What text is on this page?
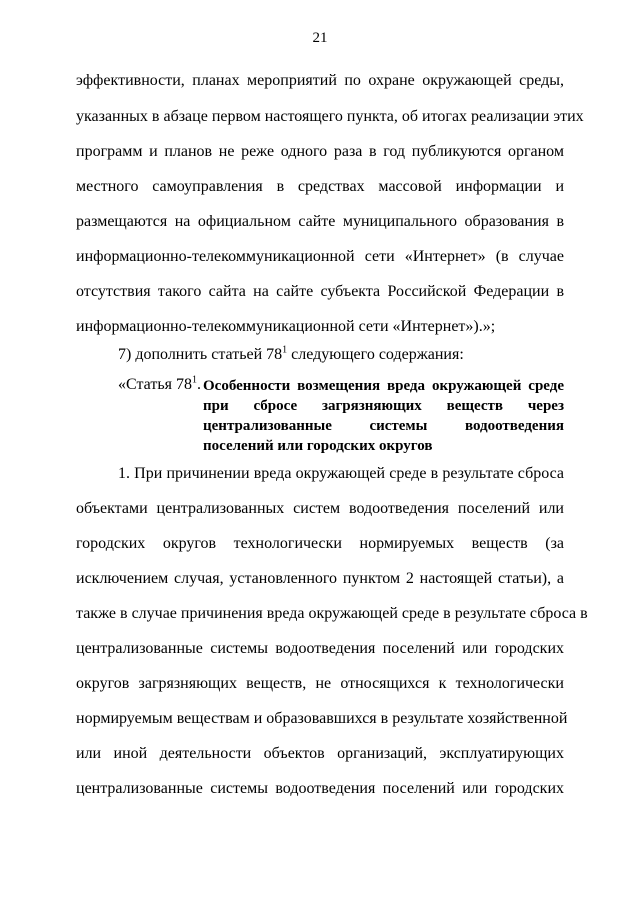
21
эффективности, планах мероприятий по охране окружающей среды,
указанных в абзаце первом настоящего пункта, об итогах реализации этих
программ и планов не реже одного раза в год публикуются органом
местного самоуправления в средствах массовой информации и
размещаются на официальном сайте муниципального образования в
информационно-телекоммуникационной сети «Интернет» (в случае
отсутствия такого сайта на сайте субъекта Российской Федерации в
информационно-телекоммуникационной сети «Интернет»).»;
7) дополнить статьей $78^1$ следующего содержания:
«Статья $78^1$. Особенности возмещения вреда окружающей среде
при сбросе загрязняющих веществ через
централизованные системы водоотведения
поселений или городских округов
1. При причинении вреда окружающей среде в результате сброса
объектами централизованных систем водоотведения поселений или
городских округов технологически нормируемых веществ (за
исключением случая, установленного пунктом 2 настоящей статьи), а
также в случае причинения вреда окружающей среде в результате сброса в
централизованные системы водоотведения поселений или городских
округов загрязняющих веществ, не относящихся к технологически
нормируемым веществам и образовавшихся в результате хозяйственной
или иной деятельности объектов организаций, эксплуатирующих
централизованные системы водоотведения поселений или городских
